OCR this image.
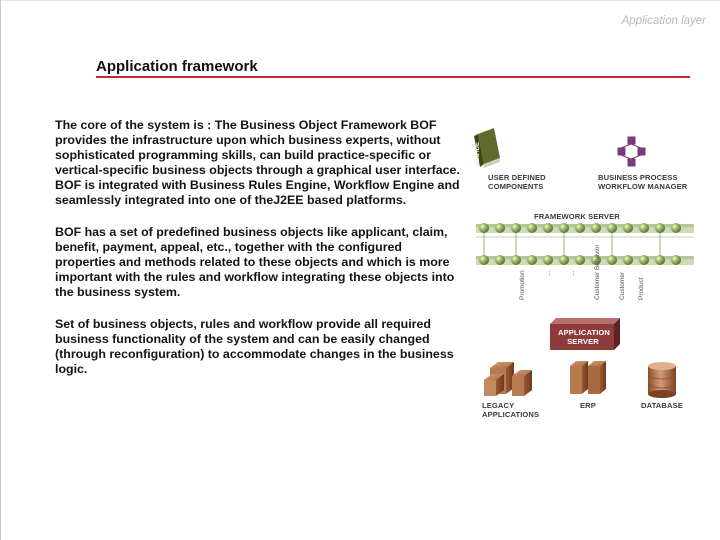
Application layer
Application framework

The core of the system is : The Business Object Framework BOF provides the infrastructure upon which business experts, without sophisticated programming skills, can build practice-specific or vertical-specific business objects through a graphical user interface. BOF is integrated with Business Rules Engine, Workflow Engine and seamlessly integrated into one of theJ2EE based platforms.

BOF has a set of predefined business objects like applicant, claim, benefit, payment, appeal, etc., together with the configured properties and methods related to these objects and which is more important with the rules and workflow integrating these objects into the business system.

Set of business objects, rules and workflow provide all required business functionality of the system and can be easily changed (through reconfiguration) to accommodate changes in the business logic.

Java IDE
USER DEFINED
COMPONENTS
BUSINESS PROCESS
WORKFLOW MANAGER
FRAMEWORK SERVER
Promotion	...	...	Customer Behavior	Customer Product
APPLICATION
SERVER
LEGACY
APPLICATIONS
ERP	DATABASE
